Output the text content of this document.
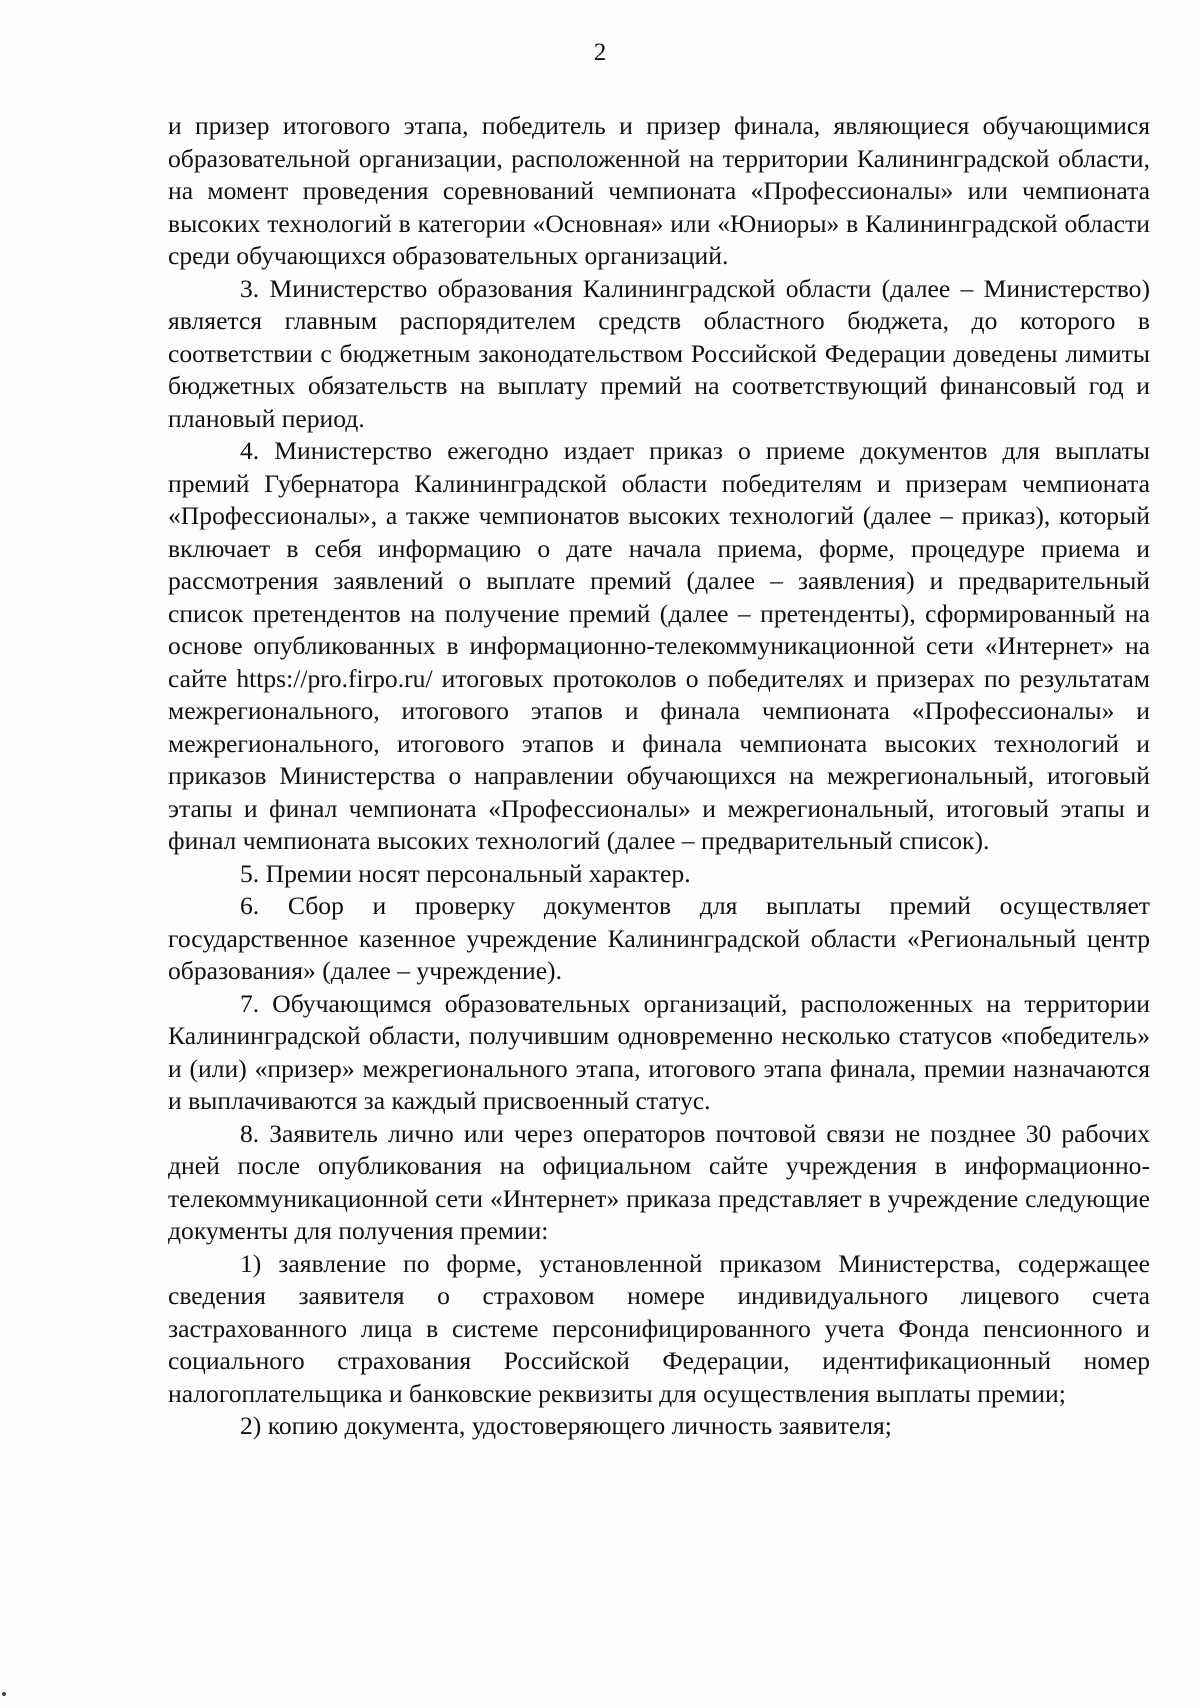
2

и призер итогового этапа, победитель и призер финала, являющиеся обучающимися образовательной организации, расположенной на территории Калининградской области, на момент проведения соревнований чемпионата «Профессионалы» или чемпионата высоких технологий в категории «Основная» или «Юниоры» в Калининградской области среди обучающихся образовательных организаций.

3. Министерство образования Калининградской области (далее – Министерство) является главным распорядителем средств областного бюджета, до которого в соответствии с бюджетным законодательством Российской Федерации доведены лимиты бюджетных обязательств на выплату премий на соответствующий финансовый год и плановый период.

4. Министерство ежегодно издает приказ о приеме документов для выплаты премий Губернатора Калининградской области победителям и призерам чемпионата «Профессионалы», а также чемпионатов высоких технологий (далее – приказ), который включает в себя информацию о дате начала приема, форме, процедуре приема и рассмотрения заявлений о выплате премий (далее – заявления) и предварительный список претендентов на получение премий (далее – претенденты), сформированный на основе опубликованных в информационно-телекоммуникационной сети «Интернет» на сайте https://pro.firpo.ru/ итоговых протоколов о победителях и призерах по результатам межрегионального, итогового этапов и финала чемпионата «Профессионалы» и межрегионального, итогового этапов и финала чемпионата высоких технологий и приказов Министерства о направлении обучающихся на межрегиональный, итоговый этапы и финал чемпионата «Профессионалы» и межрегиональный, итоговый этапы и финал чемпионата высоких технологий (далее – предварительный список).

5. Премии носят персональный характер.

6. Сбор и проверку документов для выплаты премий осуществляет государственное казенное учреждение Калининградской области «Региональный центр образования» (далее – учреждение).

7. Обучающимся образовательных организаций, расположенных на территории Калининградской области, получившим одновременно несколько статусов «победитель» и (или) «призер» межрегионального этапа, итогового этапа финала, премии назначаются и выплачиваются за каждый присвоенный статус.

8. Заявитель лично или через операторов почтовой связи не позднее 30 рабочих дней после опубликования на официальном сайте учреждения в информационно-телекоммуникационной сети «Интернет» приказа представляет в учреждение следующие документы для получения премии:

1) заявление по форме, установленной приказом Министерства, содержащее сведения заявителя о страховом номере индивидуального лицевого счета застрахованного лица в системе персонифицированного учета Фонда пенсионного и социального страхования Российской Федерации, идентификационный номер налогоплательщика и банковские реквизиты для осуществления выплаты премии;

2) копию документа, удостоверяющего личность заявителя;
